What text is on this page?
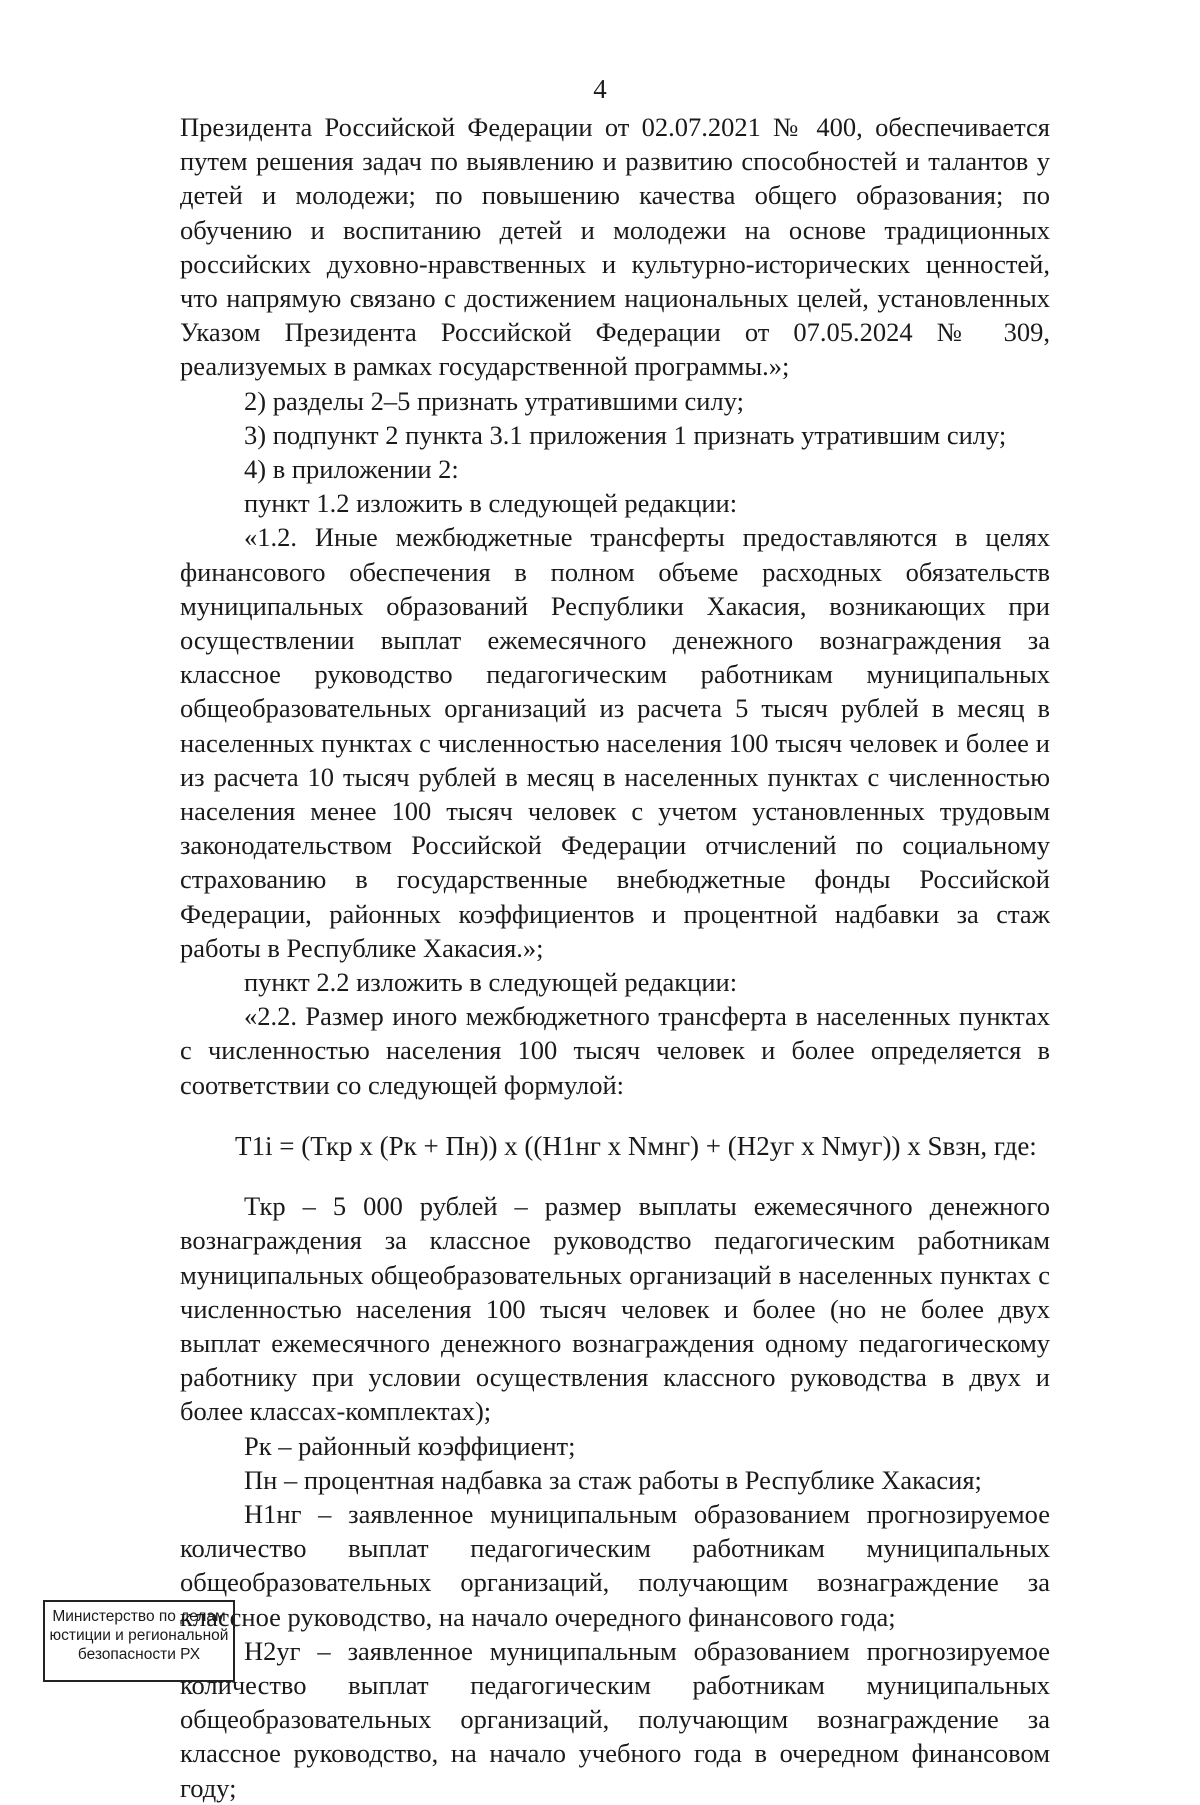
4

Президента Российской Федерации от 02.07.2021 № 400, обеспечивается путем решения задач по выявлению и развитию способностей и талантов у детей и молодежи; по повышению качества общего образования; по обучению и воспитанию детей и молодежи на основе традиционных российских духовно-нравственных и культурно-исторических ценностей, что напрямую связано с достижением национальных целей, установленных Указом Президента Российской Федерации от 07.05.2024 № 309, реализуемых в рамках государственной программы.»;

2) разделы 2–5 признать утратившими силу;

3) подпункт 2 пункта 3.1 приложения 1 признать утратившим силу;

4) в приложении 2:

пункт 1.2 изложить в следующей редакции:

«1.2. Иные межбюджетные трансферты предоставляются в целях финансового обеспечения в полном объеме расходных обязательств муниципальных образований Республики Хакасия, возникающих при осуществлении выплат ежемесячного денежного вознаграждения за классное руководство педагогическим работникам муниципальных общеобразовательных организаций из расчета 5 тысяч рублей в месяц в населенных пунктах с численностью населения 100 тысяч человек и более и из расчета 10 тысяч рублей в месяц в населенных пунктах с численностью населения менее 100 тысяч человек с учетом установленных трудовым законодательством Российской Федерации отчислений по социальному страхованию в государственные внебюджетные фонды Российской Федерации, районных коэффициентов и процентной надбавки за стаж работы в Республике Хакасия.»;

пункт 2.2 изложить в следующей редакции:

«2.2. Размер иного межбюджетного трансферта в населенных пунктах с численностью населения 100 тысяч человек и более определяется в соответствии со следующей формулой:

Т1i = (Ткр x (Рк + Пн)) x ((Н1нг x Nмнг) + (Н2уг x Nмуг)) x Sвзн, где:

Ткр – 5 000 рублей – размер выплаты ежемесячного денежного вознаграждения за классное руководство педагогическим работникам муниципальных общеобразовательных организаций в населенных пунктах с численностью населения 100 тысяч человек и более (но не более двух выплат ежемесячного денежного вознаграждения одному педагогическому работнику при условии осуществления классного руководства в двух и более классах-комплектах);

Рк – районный коэффициент;

Пн – процентная надбавка за стаж работы в Республике Хакасия;

Н1нг – заявленное муниципальным образованием прогнозируемое количество выплат педагогическим работникам муниципальных общеобразовательных организаций, получающим вознаграждение за классное руководство, на начало очередного финансового года;

Н2уг – заявленное муниципальным образованием прогнозируемое количество выплат педагогическим работникам муниципальных общеобразовательных организаций, получающим вознаграждение за классное руководство, на начало учебного года в очередном финансовом году;

Министерство по делам
юстиции и региональной
безопасности РХ
